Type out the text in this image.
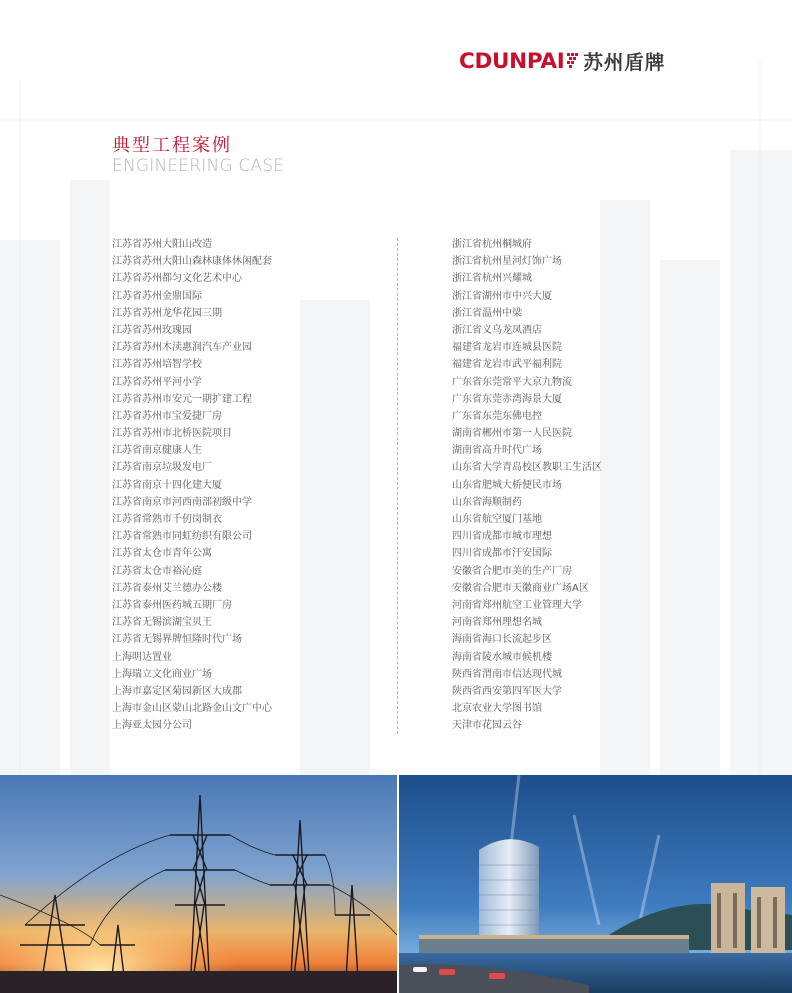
CDUNPAI 苏州盾牌
典型工程案例
ENGINEERING CASE
江苏省苏州大阳山改造
江苏省苏州大阳山森林康体休闲配套
江苏省苏州都匀文化艺术中心
江苏省苏州金鼎国际
江苏省苏州龙华花园三期
江苏省苏州玫瑰园
江苏省苏州木渎惠润汽车产业园
江苏省苏州培智学校
江苏省苏州平河小学
江苏省苏州市安元一期扩建工程
江苏省苏州市宝爱捷厂房
江苏省苏州市北桥医院项目
江苏省南京健康人生
江苏省南京垃圾发电厂
江苏省南京十四化建大厦
江苏省南京市河西南部初级中学
江苏省常熟市千仞岗制衣
江苏省常熟市同虹纺织有限公司
江苏省太仓市青年公寓
江苏省太仓市裕沁庭
江苏省泰州艾兰德办公楼
江苏省泰州医药城五期厂房
江苏省无锡滨湖宝贝王
江苏省无锡界牌恒隆时代广场
上海明达置业
上海瑞立文化商业广场
上海市嘉定区菊园新区大成郡
上海市金山区蒙山北路金山文广中心
上海亚太园分公司
浙江省杭州桐城府
浙江省杭州星河灯饰广场
浙江省杭州兴耀城
浙江省湖州市中兴大厦
浙江省温州中梁
浙江省义乌龙凤酒店
福建省龙岩市连城县医院
福建省龙岩市武平福利院
广东省东莞常平大京九物流
广东省东莞赤湾海景大厦
广东省东莞东佛电控
湖南省郴州市第一人民医院
湖南省高升时代广场
山东省大学青岛校区教职工生活区
山东省肥城大桥便民市场
山东省海顺制药
山东省航空厦门基地
四川省成都市城市理想
四川省成都市汗安国际
安徽省合肥市美的生产厂房
安徽省合肥市天徽商业广场A区
河南省郑州航空工业管理大学
河南省郑州理想名城
海南省海口长流起步区
海南省陵水城市候机楼
陕西省渭南市信达现代城
陕西省西安第四军医大学
北京农业大学图书馆
天津市花园云谷
